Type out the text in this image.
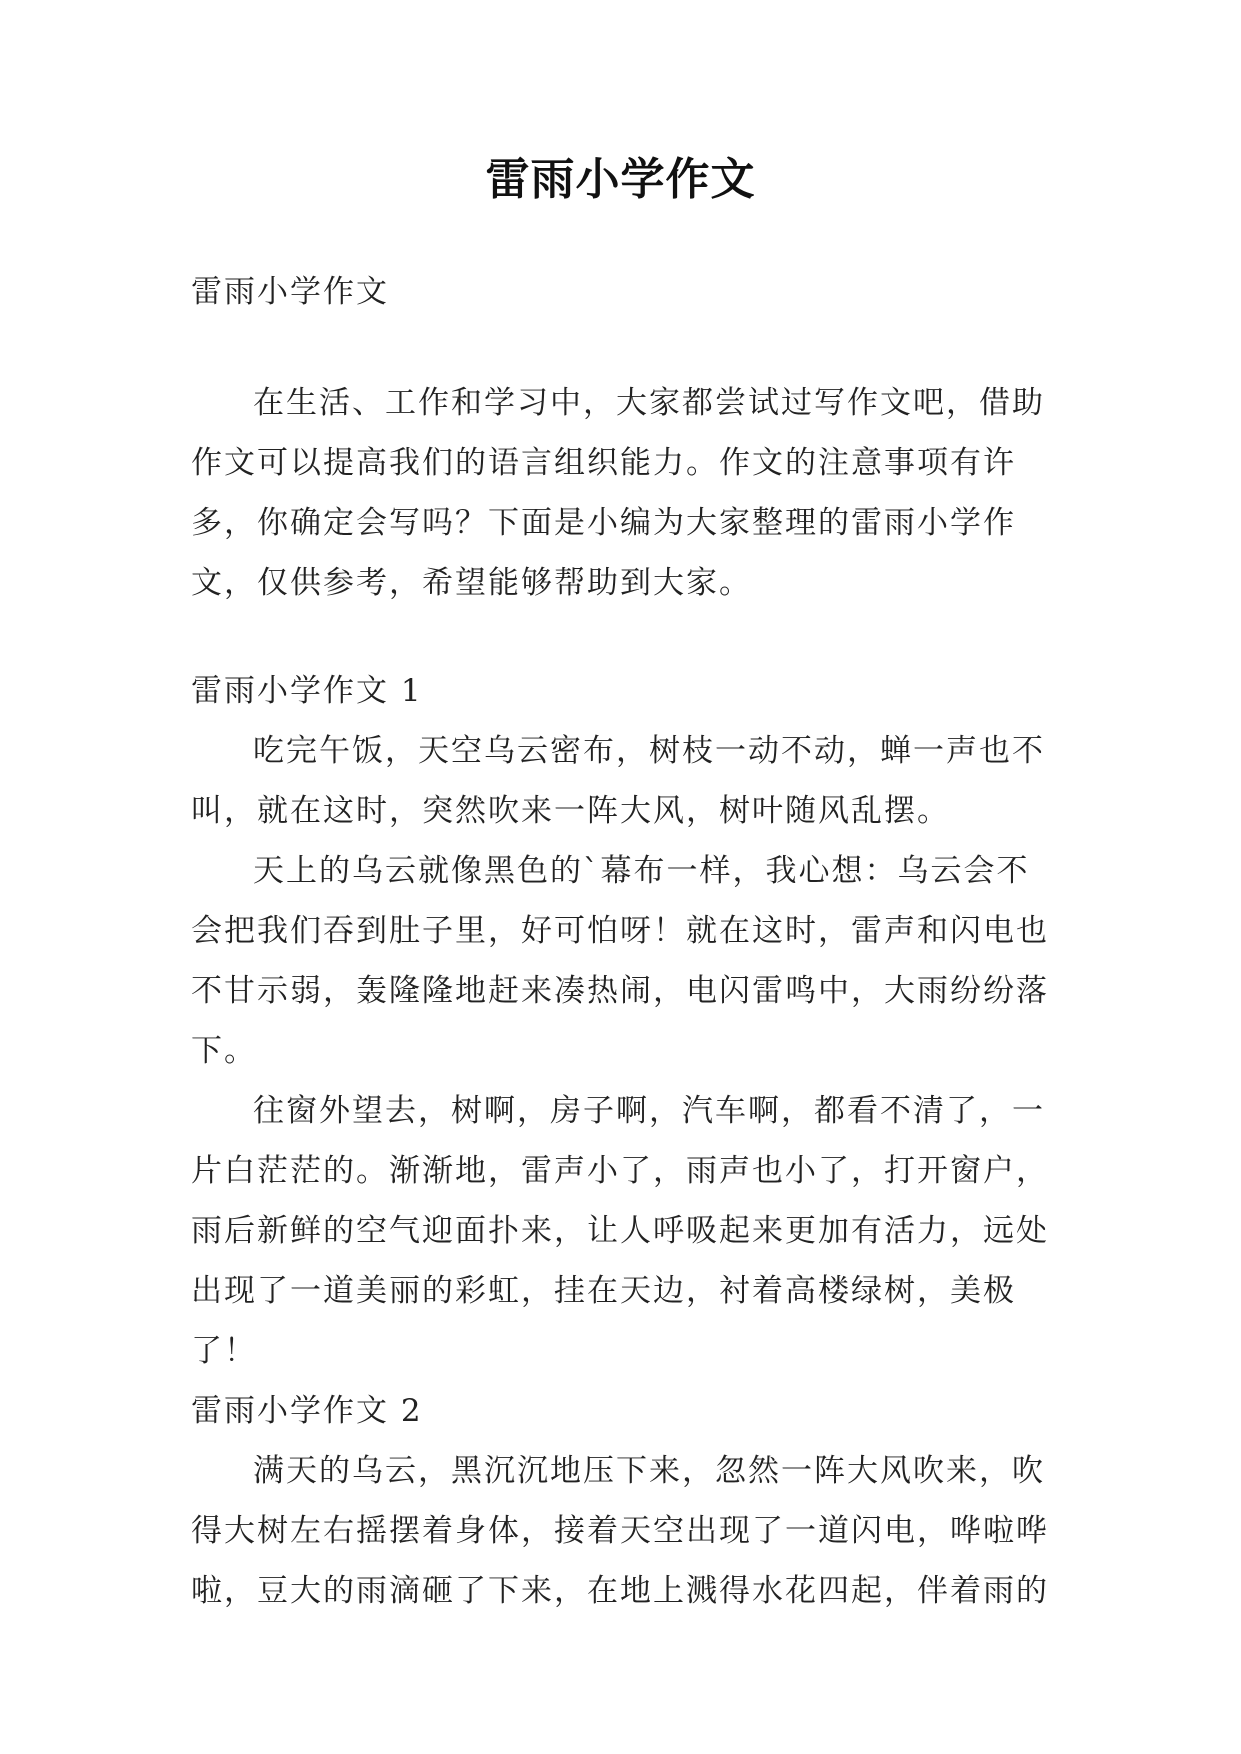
雷雨小学作文

雷雨小学作文

在生活、工作和学习中，大家都尝试过写作文吧，借助作文可以提高我们的语言组织能力。作文的注意事项有许多，你确定会写吗？下面是小编为大家整理的雷雨小学作文，仅供参考，希望能够帮助到大家。

雷雨小学作文 1

吃完午饭，天空乌云密布，树枝一动不动，蝉一声也不叫，就在这时，突然吹来一阵大风，树叶随风乱摆。

天上的乌云就像黑色的`幕布一样，我心想：乌云会不会把我们吞到肚子里，好可怕呀！就在这时，雷声和闪电也不甘示弱，轰隆隆地赶来凑热闹，电闪雷鸣中，大雨纷纷落下。

往窗外望去，树啊，房子啊，汽车啊，都看不清了，一片白茫茫的。渐渐地，雷声小了，雨声也小了，打开窗户，雨后新鲜的空气迎面扑来，让人呼吸起来更加有活力，远处出现了一道美丽的彩虹，挂在天边，衬着高楼绿树，美极了！

雷雨小学作文 2

满天的乌云，黑沉沉地压下来，忽然一阵大风吹来，吹得大树左右摇摆着身体，接着天空出现了一道闪电，哗啦哗啦，豆大的雨滴砸了下来，在地上溅得水花四起，伴着雨的
